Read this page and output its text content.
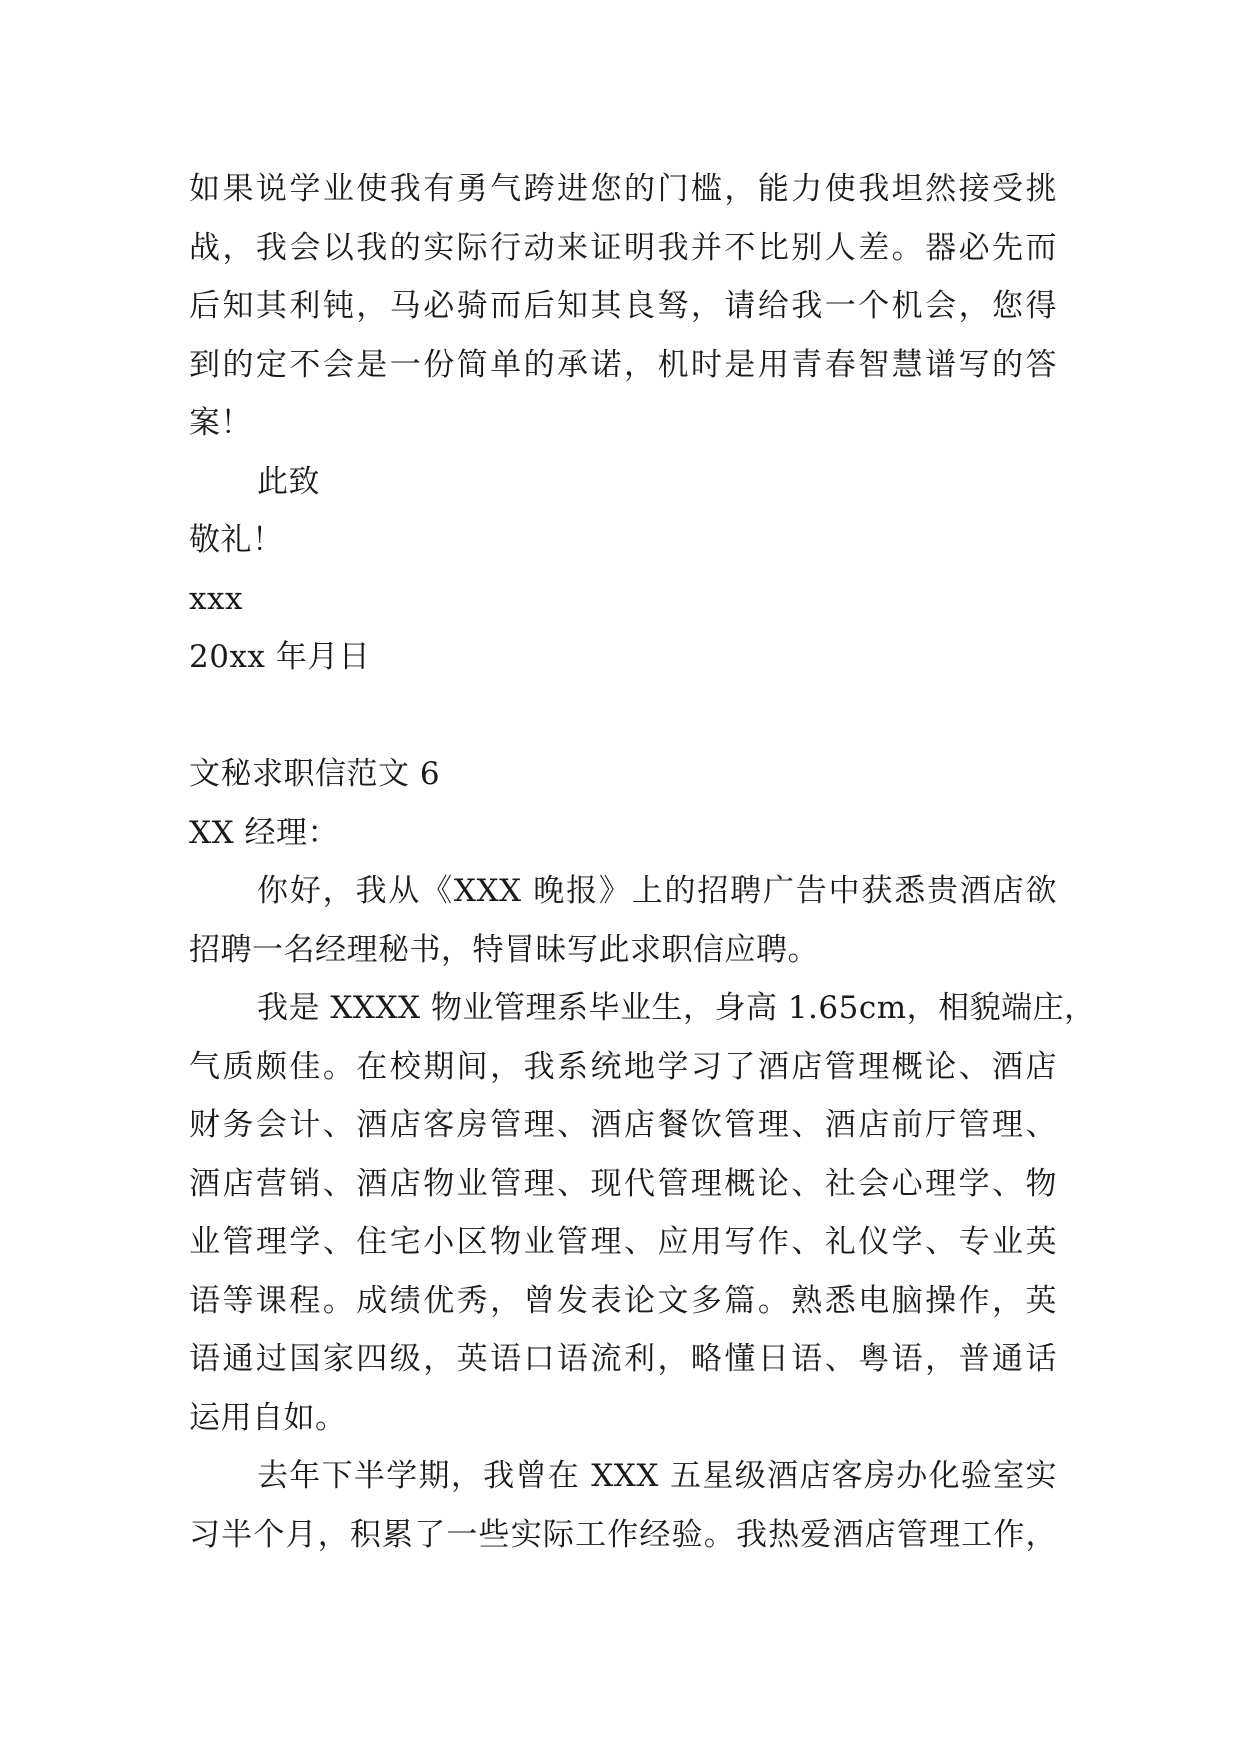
如果说学业使我有勇气跨进您的门槛，能力使我坦然接受挑

战，我会以我的实际行动来证明我并不比别人差。器必先而

后知其利钝，马必骑而后知其良驽，请给我一个机会，您得

到的定不会是一份简单的承诺，机时是用青春智慧谱写的答

案！

此致

敬礼！

xxx

20xx 年月日

文秘求职信范文 6

XX 经理：

你好，我从《XXX 晚报》上的招聘广告中获悉贵酒店欲

招聘一名经理秘书，特冒昧写此求职信应聘。

我是 XXXX 物业管理系毕业生，身高 1.65cm，相貌端庄，

气质颇佳。在校期间，我系统地学习了酒店管理概论、酒店

财务会计、酒店客房管理、酒店餐饮管理、酒店前厅管理、

酒店营销、酒店物业管理、现代管理概论、社会心理学、物

业管理学、住宅小区物业管理、应用写作、礼仪学、专业英

语等课程。成绩优秀，曾发表论文多篇。熟悉电脑操作，英

语通过国家四级，英语口语流利，略懂日语、粤语，普通话

运用自如。

去年下半学期，我曾在 XXX 五星级酒店客房办化验室实

习半个月，积累了一些实际工作经验。我热爱酒店管理工作，
